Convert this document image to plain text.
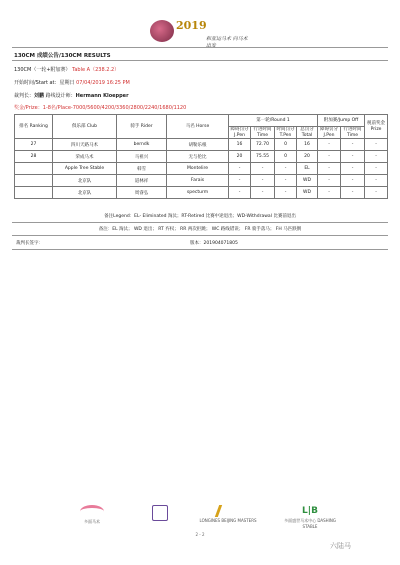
2019
和亚运马术 向马术出发
130CM 成绩公告/130CM RESULTS
130CM（一轮+附加赛） Table A（238.2.2）
开始时间/Start at：星期日 07/04/2019 16:25 PM
裁判长：刘鹏 路线设计师：Hermann Kloepper
奖金/Prize：1-8名/Place-7000/5600/4200/3360/2800/2240/1680/1120
排名 Ranking	俱乐部 Club	骑手 Rider	马名 Horse	第一轮/Round 1				附加赛/Jump Off		税前奖金 Prize
				障碍罚分 J.Pen	行进时间 Time	时间罚分 T.Pen	总罚分 Total	障碍罚分 J.Pen	行进时间 Time	
27	四川天路马术	berndk	胡勒乐根	16	72.70	0	16	-	-	-
28	荣成马术	马祖兴	无与伦比	20	75.55	0	20	-	-	-
	Apple Tree Stable	韩雪	Montelire	-	-	-	EL	-	-	-
	北京队	道林祥	Farais	-	-	-	WD	-	-	-
	北京队	周睿弘	specturm	-	-	-	WD	-	-	-
备注Legend：EL- Eliminated 淘汰；RT-Retired 比赛中途退出；WD-Withdrawal 比赛前退出
备注：EL 淘汰； WD 退出； RT 弃权； RR 两次拒跳； WC 路线错误； FR 骑手落马； FH 马匹跌倒
裁判长签字：	版本：201904071805
多面马术	LONGINES BEIJING MASTERS
L|B
多面盛世马术中心 DASHING STABLE
2 - 2
六陆马
